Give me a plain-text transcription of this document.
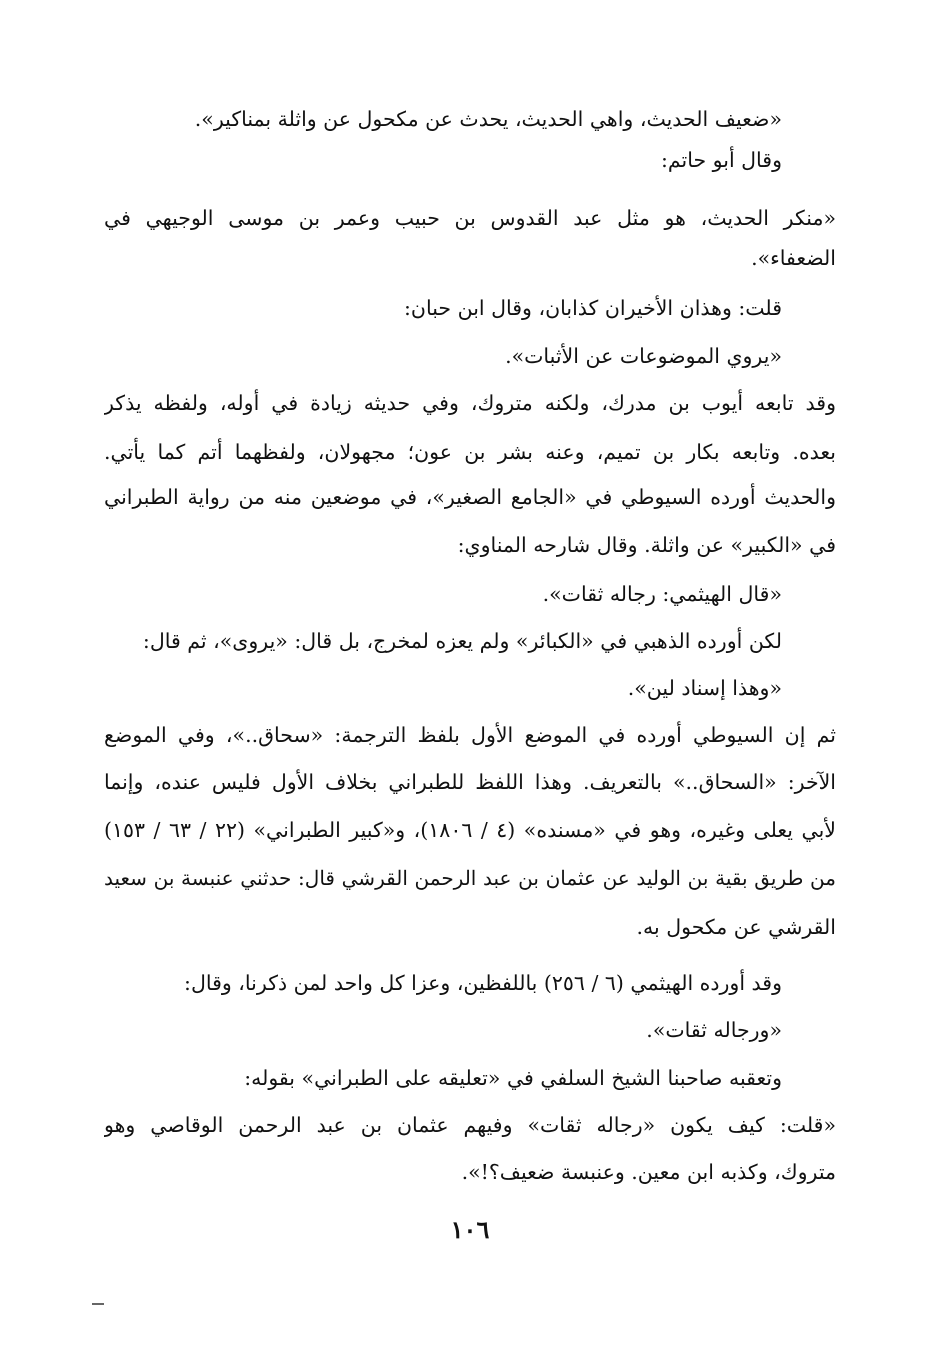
«ضعيف الحديث، واهي الحديث، يحدث عن مكحول عن واثلة بمناكير».
وقال أبو حاتم:
«منكر الحديث، هو مثل عبد القدوس بن حبيب وعمر بن موسى الوجيهي في
الضعفاء».
قلت: وهذان الأخيران كذابان، وقال ابن حبان:
«يروي الموضوعات عن الأثبات».
وقد تابعه أيوب بن مدرك، ولكنه متروك، وفي حديثه زيادة في أوله، ولفظه يذكر
بعده. وتابعه بكار بن تميم، وعنه بشر بن عون؛ مجهولان، ولفظهما أتم كما يأتي.
والحديث أورده السيوطي في «الجامع الصغير»، في موضعين منه من رواية الطبراني
في «الكبير» عن واثلة. وقال شارحه المناوي:
«قال الهيثمي: رجاله ثقات».
لكن أورده الذهبي في «الكبائر» ولم يعزه لمخرج، بل قال: «يروى»، ثم قال:
«وهذا إسناد لين».
ثم إن السيوطي أورده في الموضع الأول بلفظ الترجمة: «سحاق..»، وفي الموضع
الآخر: «السحاق..» بالتعريف. وهذا اللفظ للطبراني بخلاف الأول فليس عنده، وإنما
لأبي يعلى وغيره، وهو في «مسنده» (٤ / ١٨٠٦)، و«كبير الطبراني» (٢٢ / ٦٣ / ١٥٣)
من طريق بقية بن الوليد عن عثمان بن عبد الرحمن القرشي قال: حدثني عنبسة بن سعيد
القرشي عن مكحول به.
وقد أورده الهيثمي (٦ / ٢٥٦) باللفظين، وعزا كل واحد لمن ذكرنا، وقال:
«ورجاله ثقات».
وتعقبه صاحبنا الشيخ السلفي في «تعليقه على الطبراني» بقوله:
«قلت: كيف يكون «رجاله ثقات» وفيهم عثمان بن عبد الرحمن الوقاصي وهو
متروك، وكذبه ابن معين. وعنبسة ضعيف؟!».
١٠٦
